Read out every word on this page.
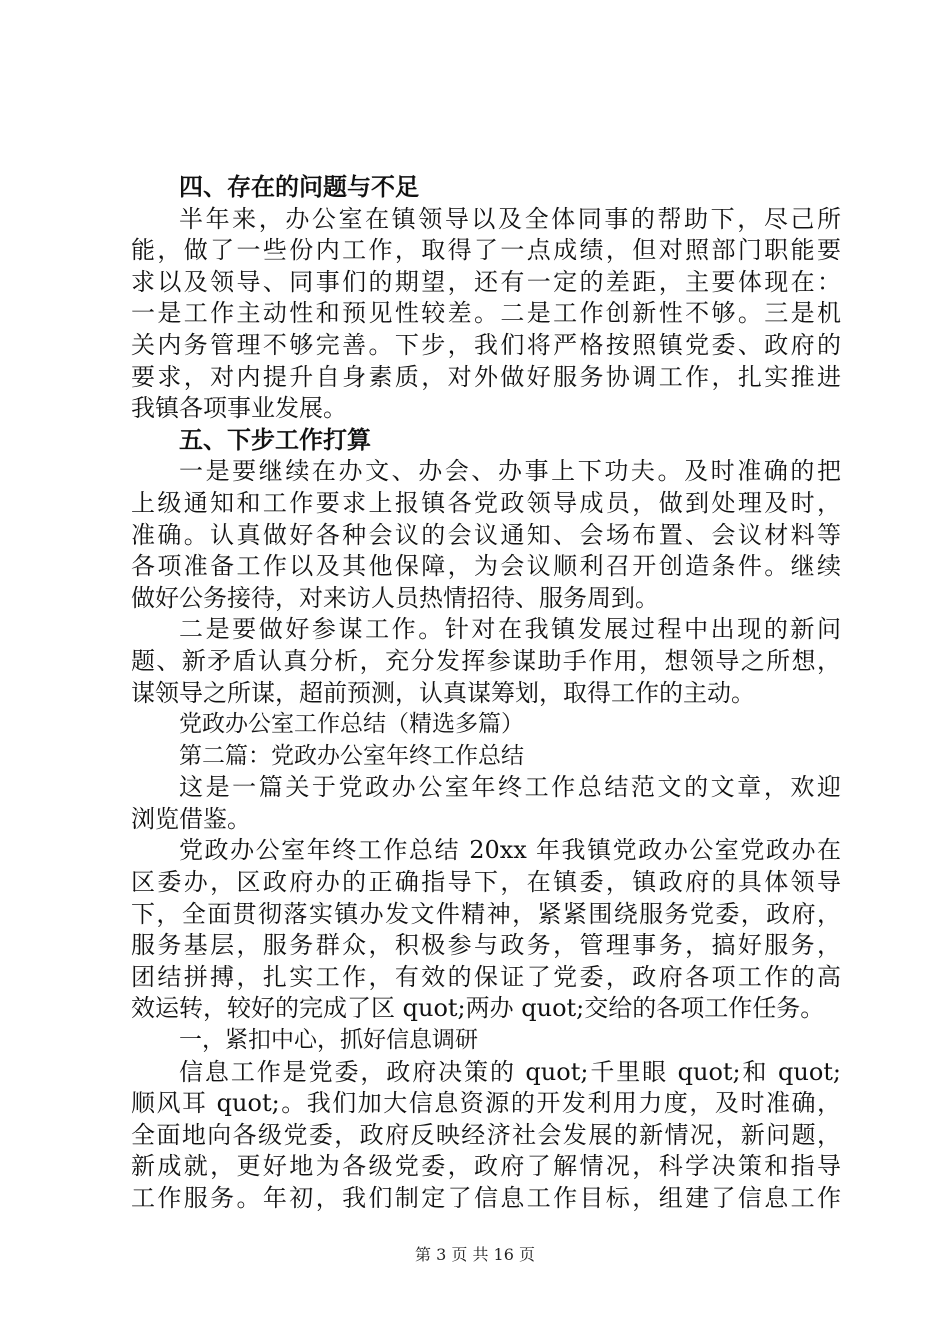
四、存在的问题与不足
半年来，办公室在镇领导以及全体同事的帮助下，尽己所
能，做了一些份内工作，取得了一点成绩，但对照部门职能要
求以及领导、同事们的期望，还有一定的差距，主要体现在：
一是工作主动性和预见性较差。二是工作创新性不够。三是机
关内务管理不够完善。下步，我们将严格按照镇党委、政府的
要求，对内提升自身素质，对外做好服务协调工作，扎实推进
我镇各项事业发展。
五、下步工作打算
一是要继续在办文、办会、办事上下功夫。及时准确的把
上级通知和工作要求上报镇各党政领导成员，做到处理及时，
准确。认真做好各种会议的会议通知、会场布置、会议材料等
各项准备工作以及其他保障，为会议顺利召开创造条件。继续
做好公务接待，对来访人员热情招待、服务周到。
二是要做好参谋工作。针对在我镇发展过程中出现的新问
题、新矛盾认真分析，充分发挥参谋助手作用，想领导之所想，
谋领导之所谋，超前预测，认真谋筹划，取得工作的主动。
党政办公室工作总结（精选多篇）
第二篇：党政办公室年终工作总结
这是一篇关于党政办公室年终工作总结范文的文章，欢迎
浏览借鉴。
党政办公室年终工作总结 20xx 年我镇党政办公室党政办在
区委办，区政府办的正确指导下，在镇委，镇政府的具体领导
下，全面贯彻落实镇办发文件精神，紧紧围绕服务党委，政府，
服务基层，服务群众，积极参与政务，管理事务，搞好服务，
团结拼搏，扎实工作，有效的保证了党委，政府各项工作的高
效运转，较好的完成了区 quot;两办 quot;交给的各项工作任务。
一，紧扣中心，抓好信息调研
信息工作是党委，政府决策的 quot;千里眼 quot;和 quot;
顺风耳 quot;。我们加大信息资源的开发利用力度，及时准确，
全面地向各级党委，政府反映经济社会发展的新情况，新问题，
新成就，更好地为各级党委，政府了解情况，科学决策和指导
工作服务。年初，我们制定了信息工作目标，组建了信息工作
第 3 页 共 16 页
